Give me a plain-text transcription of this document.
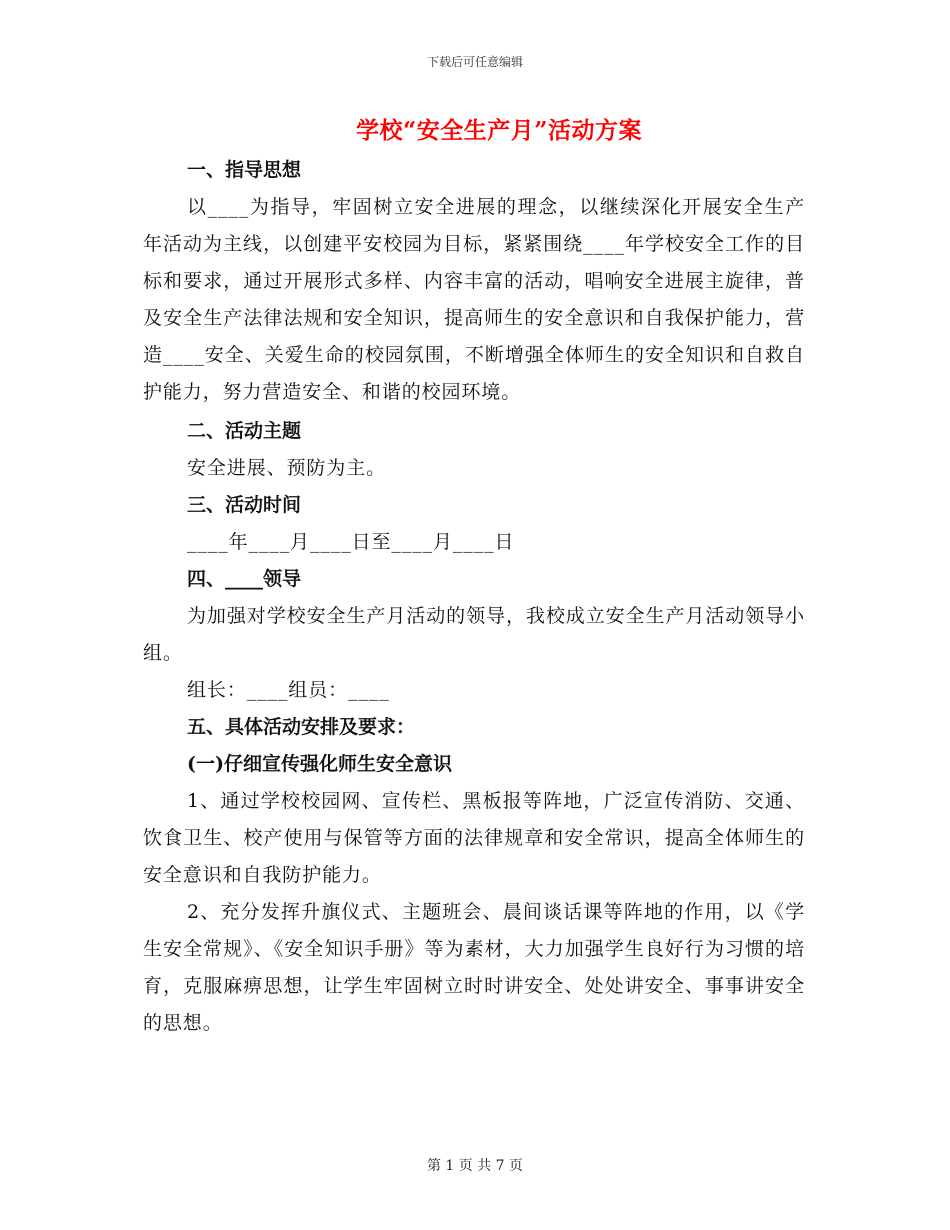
下载后可任意编辑
学校“安全生产月”活动方案

一、指导思想

以____为指导，牢固树立安全进展的理念，以继续深化开展安全生产年活动为主线，以创建平安校园为目标，紧紧围绕____年学校安全工作的目标和要求，通过开展形式多样、内容丰富的活动，唱响安全进展主旋律，普及安全生产法律法规和安全知识，提高师生的安全意识和自我保护能力，营造____安全、关爱生命的校园氛围，不断增强全体师生的安全知识和自救自护能力，努力营造安全、和谐的校园环境。

二、活动主题

安全进展、预防为主。

三、活动时间

____年____月____日至____月____日

四、____领导

为加强对学校安全生产月活动的领导，我校成立安全生产月活动领导小组。

组长：____组员：____

五、具体活动安排及要求：

(一)仔细宣传强化师生安全意识

1、通过学校校园网、宣传栏、黑板报等阵地，广泛宣传消防、交通、饮食卫生、校产使用与保管等方面的法律规章和安全常识，提高全体师生的安全意识和自我防护能力。

2、充分发挥升旗仪式、主题班会、晨间谈话课等阵地的作用，以《学生安全常规》、《安全知识手册》等为素材，大力加强学生良好行为习惯的培育，克服麻痹思想，让学生牢固树立时时讲安全、处处讲安全、事事讲安全的思想。

第 1 页 共 7 页
